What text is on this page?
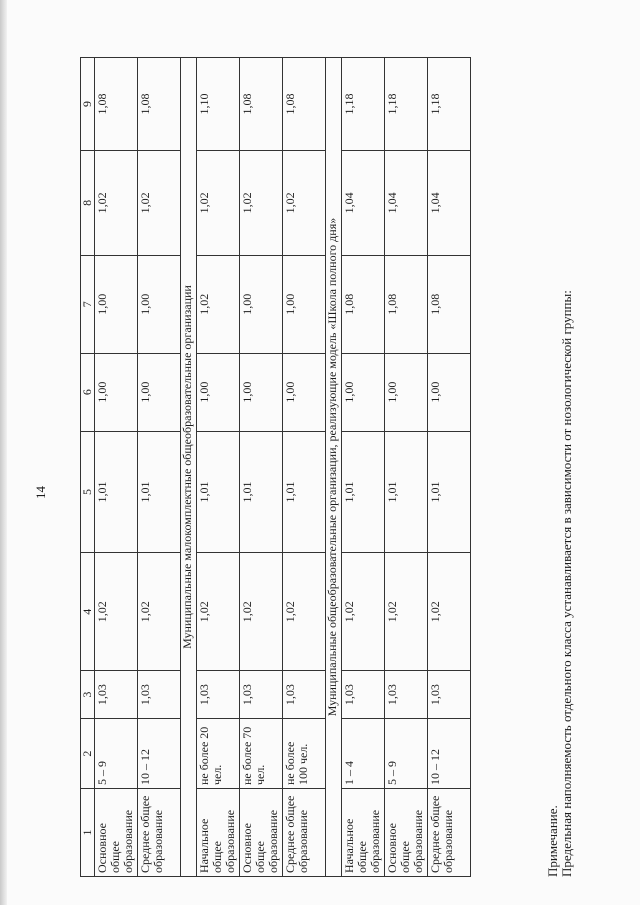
14
1	2	3	4	5	6	7	8	9
Основное общее образование	5 – 9	1,03	1,02	1,01	1,00	1,00	1,02	1,08
Среднее общее образование	10 – 12	1,03	1,02	1,01	1,00	1,00	1,02	1,08
Муниципальные малокомплектные общеобразовательные организации								
Начальное общее образование	не более 20 чел.	1,03	1,02	1,01	1,00	1,02	1,02	1,10
Основное общее образование	не более 70 чел.	1,03	1,02	1,01	1,00	1,00	1,02	1,08
Среднее общее образование	не более 100 чел.	1,03	1,02	1,01	1,00	1,00	1,02	1,08
Муниципальные общеобразовательные организации, реализующие модель «Школа полного дня»								
Начальное общее образование	1 – 4	1,03	1,02	1,01	1,00	1,08	1,04	1,18
Основное общее образование	5 – 9	1,03	1,02	1,01	1,00	1,08	1,04	1,18
Среднее общее образование	10 – 12	1,03	1,02	1,01	1,00	1,08	1,04	1,18
Примечание. Предельная наполняемость отдельного класса устанавливается в зависимости от нозологической группы:
